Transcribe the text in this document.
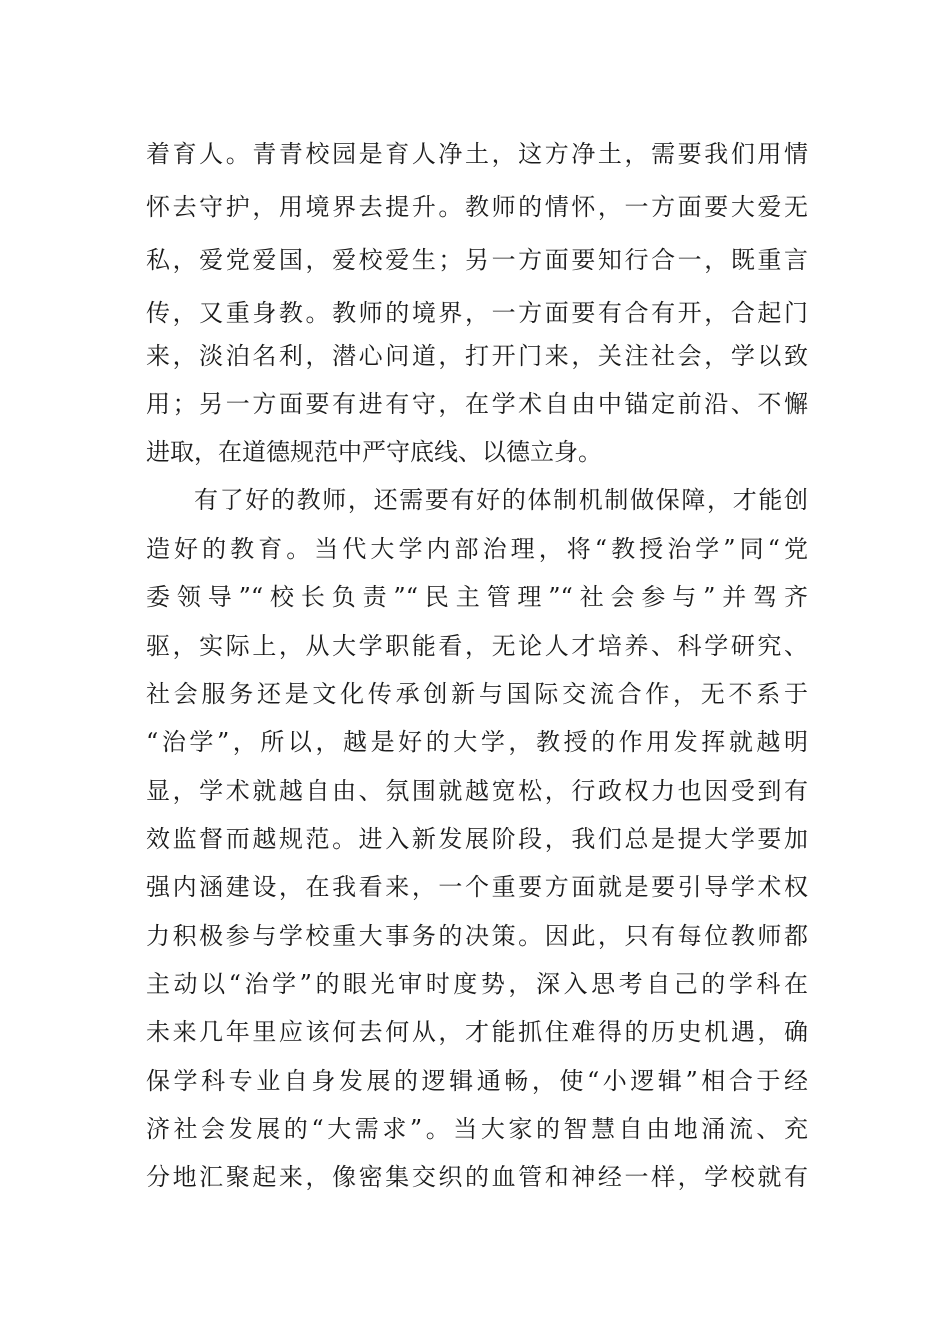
着育人。青青校园是育人净土，这方净土，需要我们用情
怀去守护，用境界去提升。教师的情怀，一方面要大爱无
私，爱党爱国，爱校爱生；另一方面要知行合一，既重言
传，又重身教。教师的境界，一方面要有合有开，合起门
来，淡泊名利，潜心问道，打开门来，关注社会，学以致
用；另一方面要有进有守，在学术自由中锚定前沿、不懈
进取，在道德规范中严守底线、以德立身。
有了好的教师，还需要有好的体制机制做保障，才能创
造好的教育。当代大学内部治理，将“教授治学”同“党
委领导”“校长负责”“民主管理”“社会参与”并驾齐
驱，实际上，从大学职能看，无论人才培养、科学研究、
社会服务还是文化传承创新与国际交流合作，无不系于
“治学”，所以，越是好的大学，教授的作用发挥就越明
显，学术就越自由、氛围就越宽松，行政权力也因受到有
效监督而越规范。进入新发展阶段，我们总是提大学要加
强内涵建设，在我看来，一个重要方面就是要引导学术权
力积极参与学校重大事务的决策。因此，只有每位教师都
主动以“治学”的眼光审时度势，深入思考自己的学科在
未来几年里应该何去何从，才能抓住难得的历史机遇，确
保学科专业自身发展的逻辑通畅，使“小逻辑”相合于经
济社会发展的“大需求”。当大家的智慧自由地涌流、充
分地汇聚起来，像密集交织的血管和神经一样，学校就有
